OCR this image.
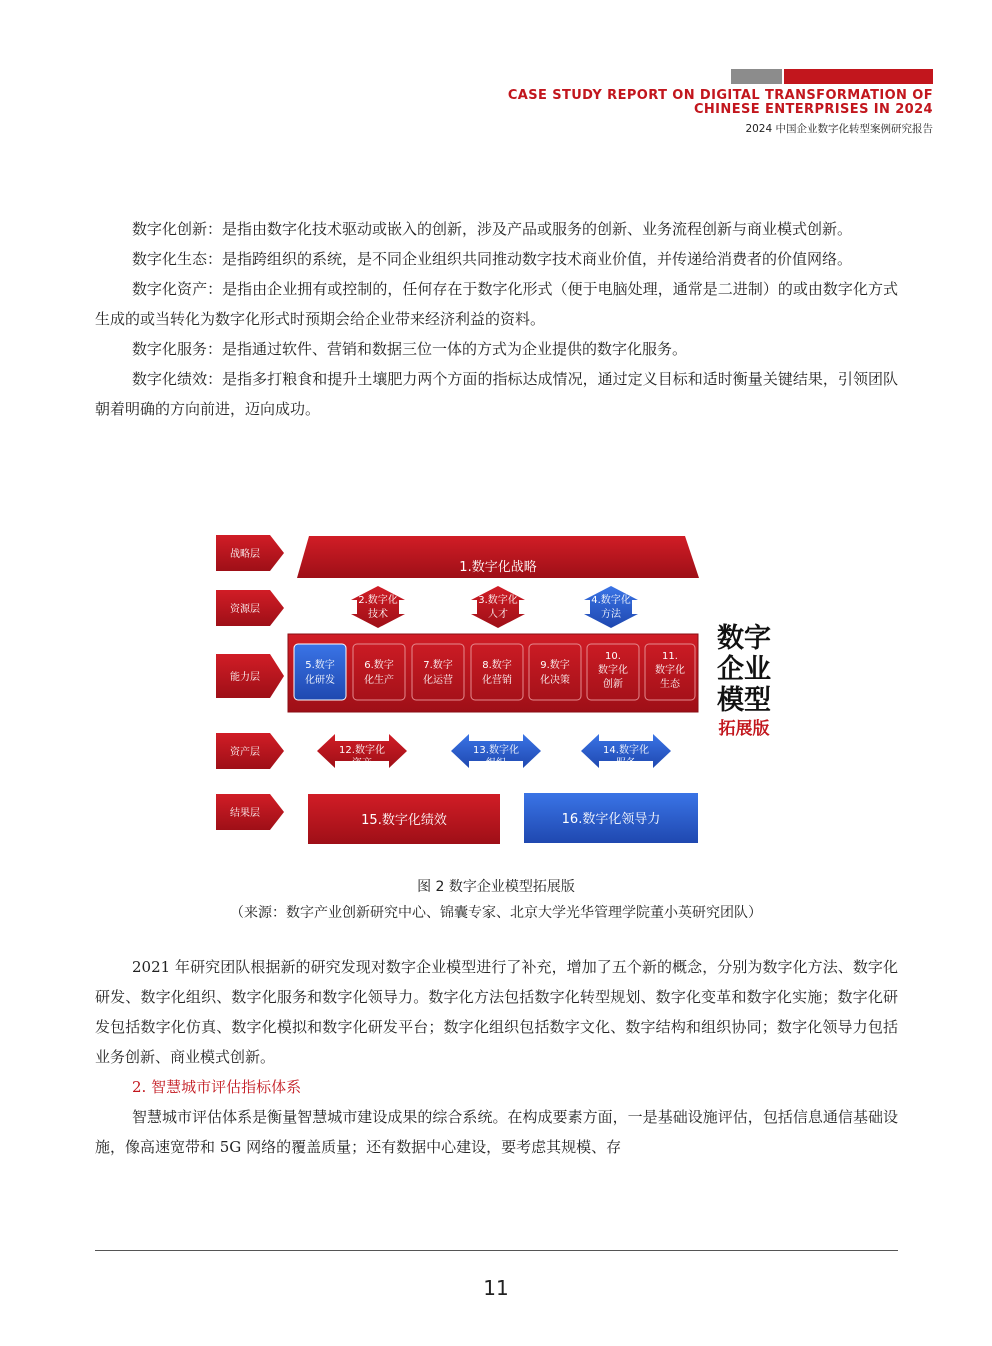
CASE STUDY REPORT ON DIGITAL TRANSFORMATION OF
CHINESE ENTERPRISES IN 2024
2024 中国企业数字化转型案例研究报告

数字化创新：是指由数字化技术驱动或嵌入的创新，涉及产品或服务的创新、业务流程创新与商业模式创新。

数字化生态：是指跨组织的系统，是不同企业组织共同推动数字技术商业价值，并传递给消费者的价值网络。

数字化资产：是指由企业拥有或控制的，任何存在于数字化形式（便于电脑处理，通常是二进制）的或由数字化方式生成的或当转化为数字化形式时预期会给企业带来经济利益的资料。

数字化服务：是指通过软件、营销和数据三位一体的方式为企业提供的数字化服务。

数字化绩效：是指多打粮食和提升土壤肥力两个方面的指标达成情况，通过定义目标和适时衡量关键结果，引领团队朝着明确的方向前进，迈向成功。

战略层
资源层
能力层
资产层
结果层
1.数字化战略
2.数字化
技术
3.数字化
人才
4.数字化
方法
5.数字
化研发
6.数字
化生产
7.数字
化运营
8.数字
化营销
9.数字
化决策
10.
数字化
创新
11.
数字化
生态
数字
企业
模型
拓展版
12.数字化
资产
13.数字化
组织
14.数字化
服务
15.数字化绩效	16.数字化领导力
图 2 数字企业模型拓展版
（来源：数字产业创新研究中心、锦囊专家、北京大学光华管理学院董小英研究团队）

2021 年研究团队根据新的研究发现对数字企业模型进行了补充，增加了五个新的概念，分别为数字化方法、数字化研发、数字化组织、数字化服务和数字化领导力。数字化方法包括数字化转型规划、数字化变革和数字化实施；数字化研发包括数字化仿真、数字化模拟和数字化研发平台；数字化组织包括数字文化、数字结构和组织协同；数字化领导力包括业务创新、商业模式创新。

2. 智慧城市评估指标体系

智慧城市评估体系是衡量智慧城市建设成果的综合系统。在构成要素方面，一是基础设施评估，包括信息通信基础设施，像高速宽带和 5G 网络的覆盖质量；还有数据中心建设，要考虑其规模、存

11
